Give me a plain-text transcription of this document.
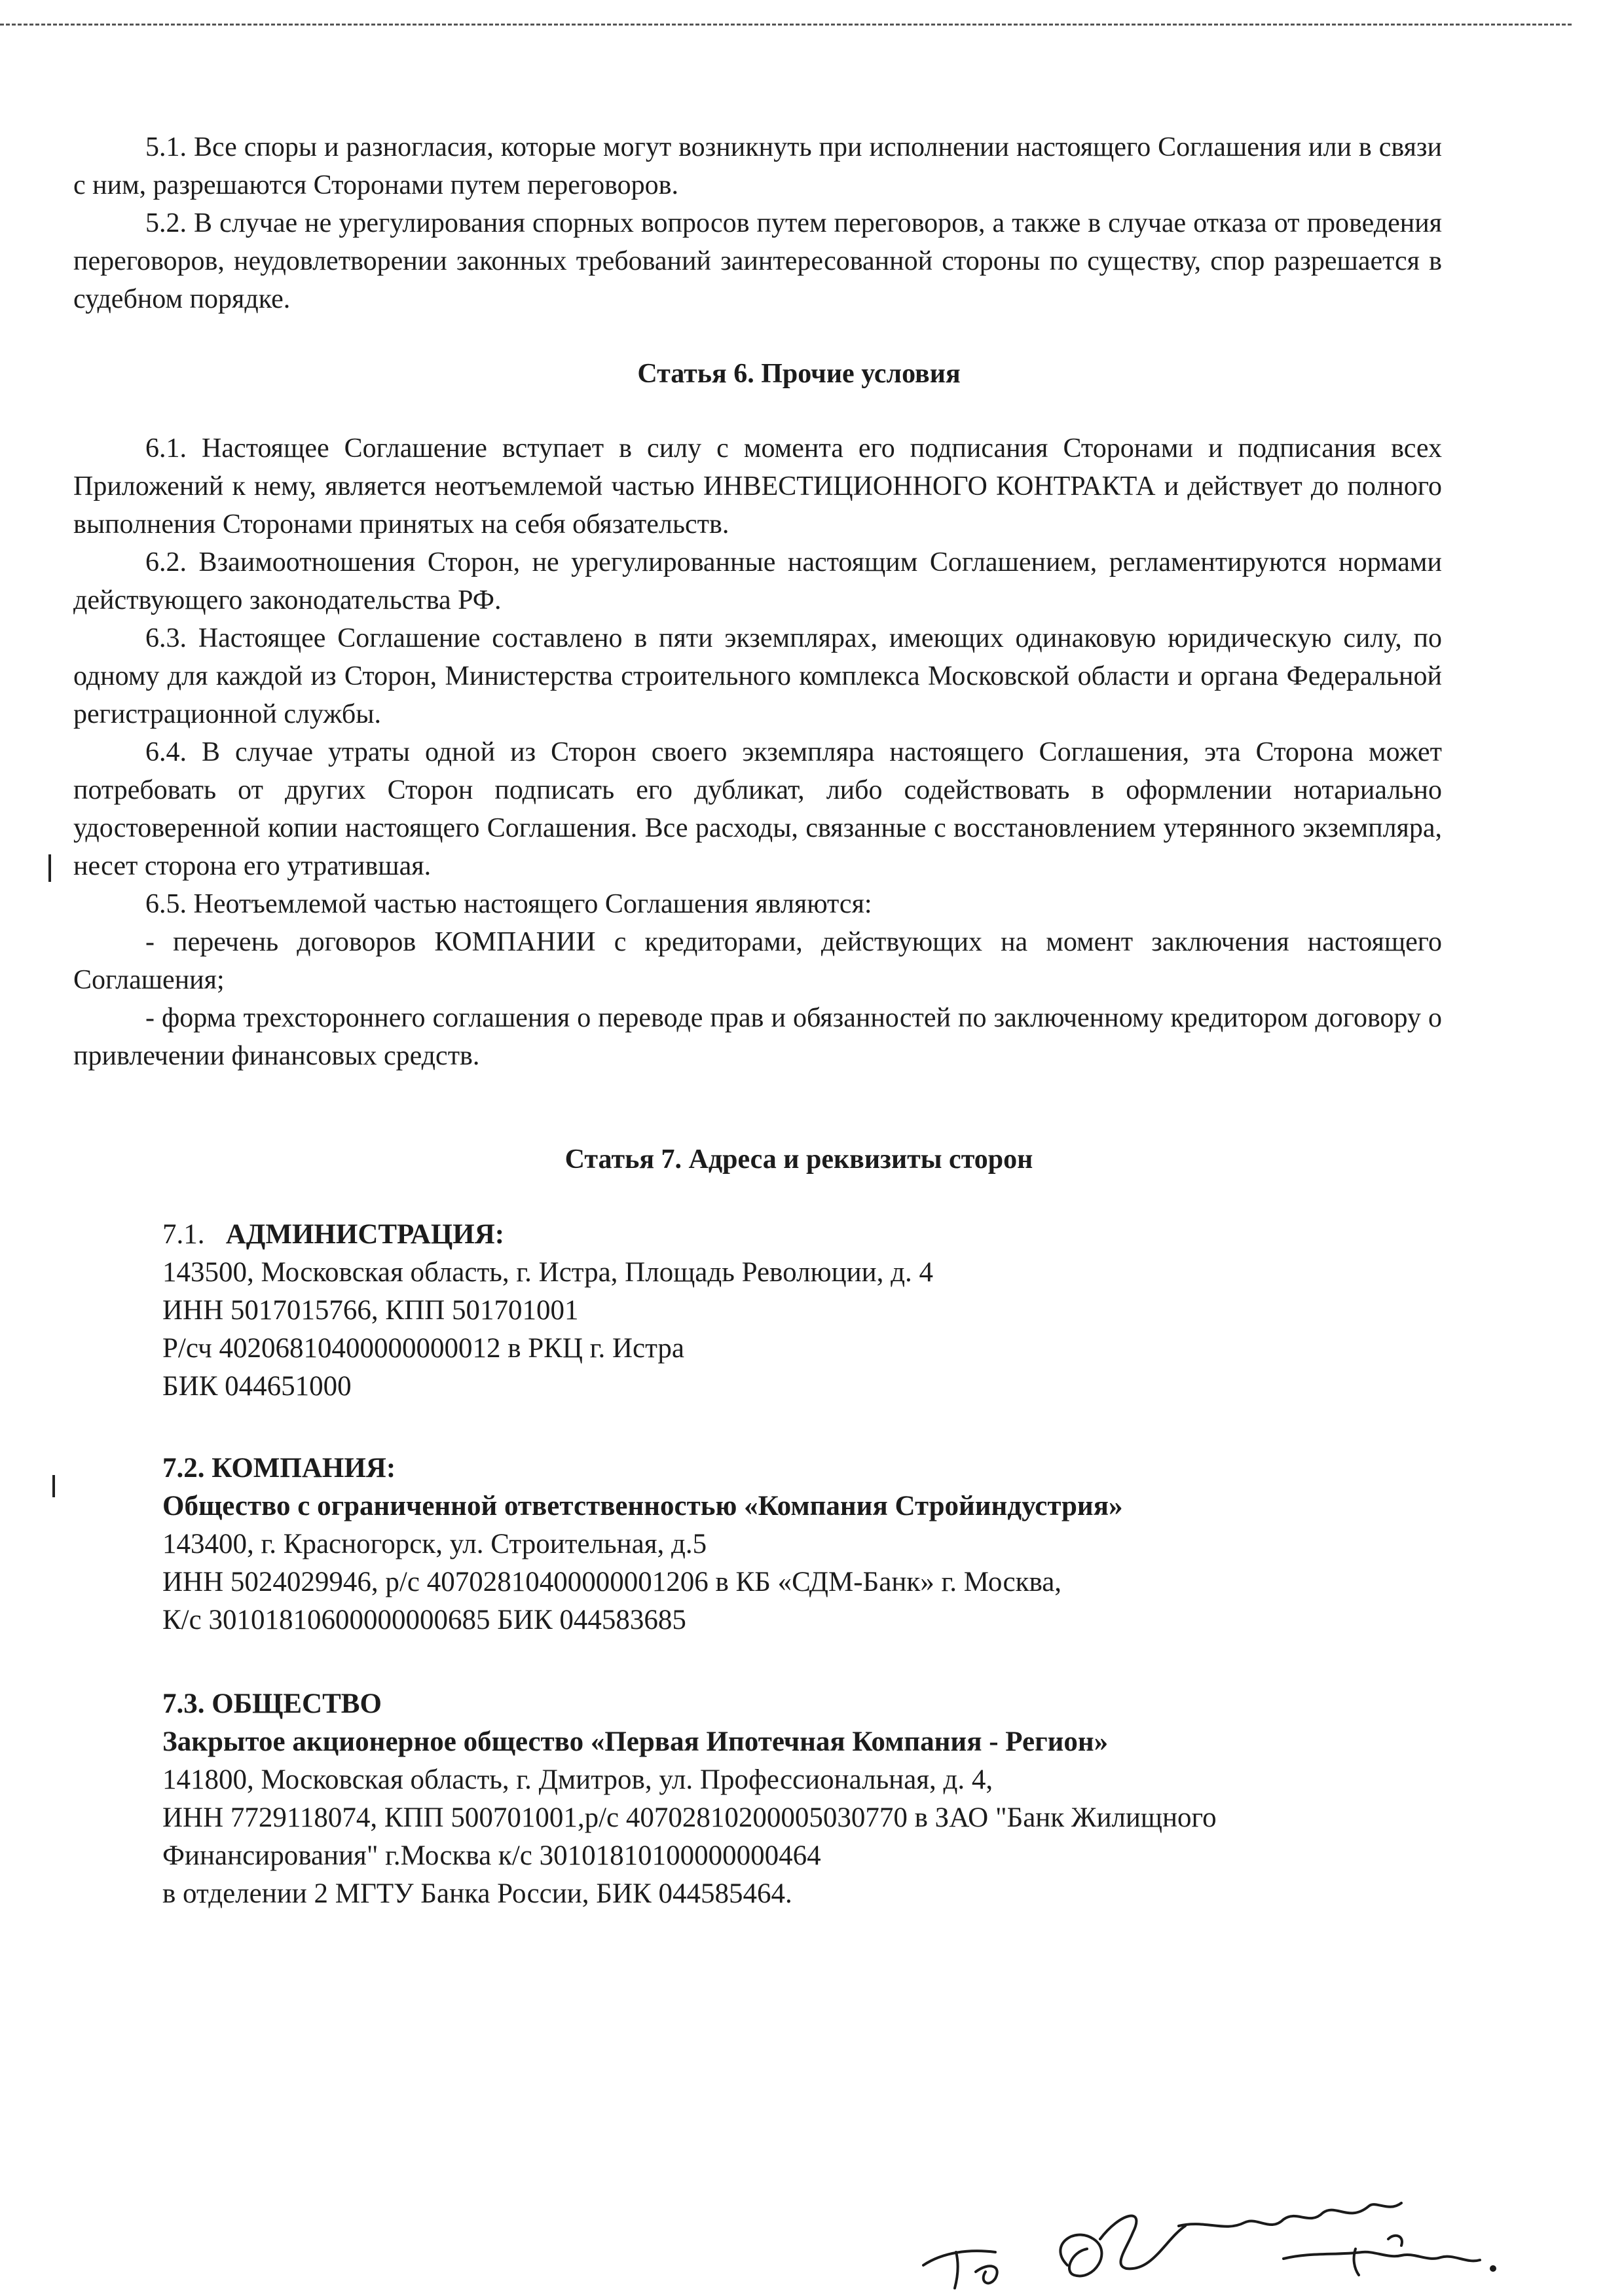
5.1. Все споры и разногласия, которые могут возникнуть при исполнении настоящего Соглашения или в связи с ним, разрешаются Сторонами путем переговоров.

5.2. В случае не урегулирования спорных вопросов путем переговоров, а также в случае отказа от проведения переговоров, неудовлетворении законных требований заинтересованной стороны по существу, спор разрешается в судебном порядке.

Статья 6. Прочие условия

6.1. Настоящее Соглашение вступает в силу с момента его подписания Сторонами и подписания всех Приложений к нему, является неотъемлемой частью ИНВЕСТИЦИОННОГО КОНТРАКТА и действует до полного выполнения Сторонами принятых на себя обязательств.

6.2. Взаимоотношения Сторон, не урегулированные настоящим Соглашением, регламентируются нормами действующего законодательства РФ.

6.3. Настоящее Соглашение составлено в пяти экземплярах, имеющих одинаковую юридическую силу, по одному для каждой из Сторон, Министерства строительного комплекса Московской области и органа Федеральной регистрационной службы.

6.4. В случае утраты одной из Сторон своего экземпляра настоящего Соглашения, эта Сторона может потребовать от других Сторон подписать его дубликат, либо содействовать в оформлении нотариально удостоверенной копии настоящего Соглашения. Все расходы, связанные с восстановлением утерянного экземпляра, несет сторона его утратившая.

6.5. Неотъемлемой частью настоящего Соглашения являются:

- перечень договоров КОМПАНИИ с кредиторами, действующих на момент заключения настоящего Соглашения;

- форма трехстороннего соглашения о переводе прав и обязанностей по заключенному кредитором договору о привлечении финансовых средств.

Статья 7. Адреса и реквизиты сторон
7.1. АДМИНИСТРАЦИЯ:
143500, Московская область, г. Истра, Площадь Революции, д. 4
ИНН 5017015766, КПП 501701001
Р/сч 40206810400000000012 в РКЦ г. Истра
БИК 044651000
7.2. КОМПАНИЯ:
Общество с ограниченной ответственностью «Компания Стройиндустрия»
143400, г. Красногорск, ул. Строительная, д.5
ИНН 5024029946, р/с 40702810400000001206 в КБ «СДМ-Банк» г. Москва,
К/с 30101810600000000685 БИК 044583685
7.3. ОБЩЕСТВО
Закрытое акционерное общество «Первая Ипотечная Компания - Регион»
141800, Московская область, г. Дмитров, ул. Профессиональная, д. 4,
ИНН 7729118074, КПП 500701001,р/с 40702810200005030770 в ЗАО "Банк Жилищного
Финансирования" г.Москва к/с 30101810100000000464
в отделении 2 МГТУ Банка России, БИК 044585464.
